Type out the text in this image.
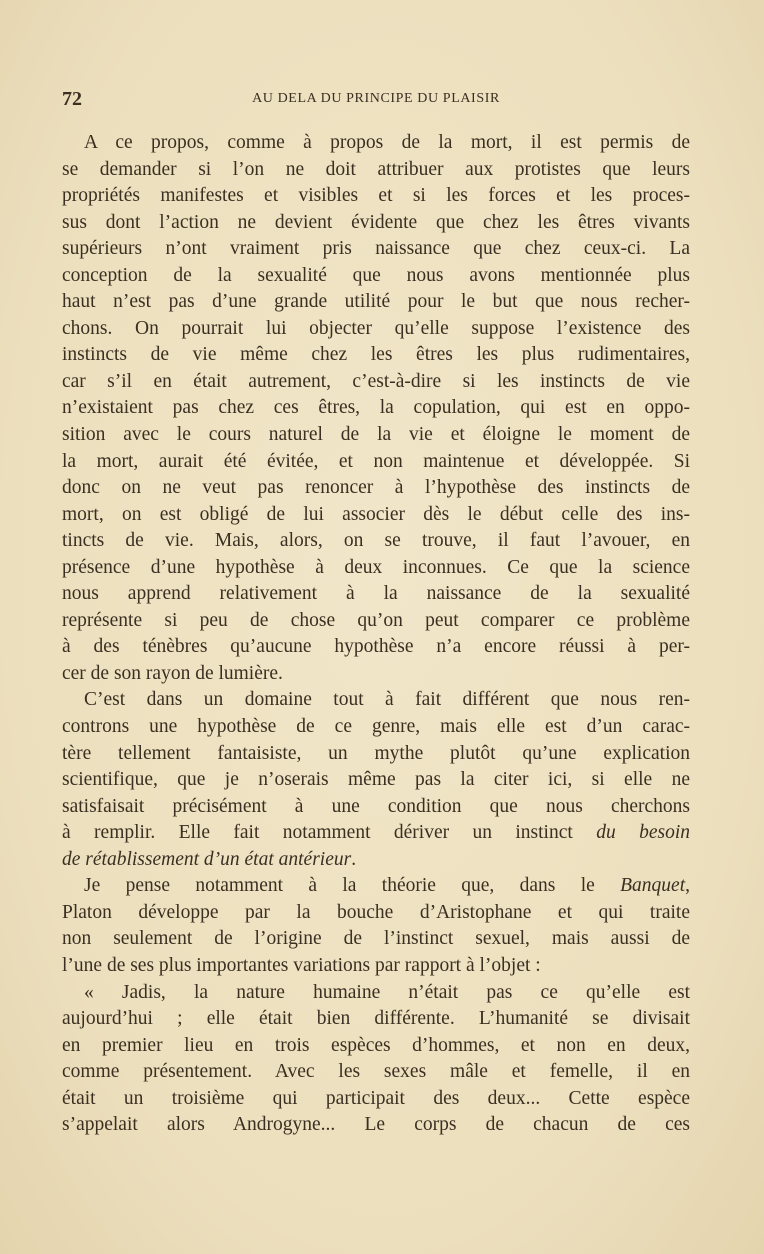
72	AU DELA DU PRINCIPE DU PLAISIR
A ce propos, comme à propos de la mort, il est permis de
se demander si l’on ne doit attribuer aux protistes que leurs
propriétés manifestes et visibles et si les forces et les proces-
sus dont l’action ne devient évidente que chez les êtres vivants
supérieurs n’ont vraiment pris naissance que chez ceux-ci. La
conception de la sexualité que nous avons mentionnée plus
haut n’est pas d’une grande utilité pour le but que nous recher-
chons. On pourrait lui objecter qu’elle suppose l’existence des
instincts de vie même chez les êtres les plus rudimentaires,
car s’il en était autrement, c’est-à-dire si les instincts de vie
n’existaient pas chez ces êtres, la copulation, qui est en oppo-
sition avec le cours naturel de la vie et éloigne le moment de
la mort, aurait été évitée, et non maintenue et développée. Si
donc on ne veut pas renoncer à l’hypothèse des instincts de
mort, on est obligé de lui associer dès le début celle des ins-
tincts de vie. Mais, alors, on se trouve, il faut l’avouer, en
présence d’une hypothèse à deux inconnues. Ce que la science
nous apprend relativement à la naissance de la sexualité
représente si peu de chose qu’on peut comparer ce problème
à des ténèbres qu’aucune hypothèse n’a encore réussi à per-
cer de son rayon de lumière.
C’est dans un domaine tout à fait différent que nous ren-
controns une hypothèse de ce genre, mais elle est d’un carac-
tère tellement fantaisiste, un mythe plutôt qu’une explication
scientifique, que je n’oserais même pas la citer ici, si elle ne
satisfaisait précisément à une condition que nous cherchons
à remplir. Elle fait notamment dériver un instinct du besoin
de rétablissement d’un état antérieur.
Je pense notamment à la théorie que, dans le Banquet,
Platon développe par la bouche d’Aristophane et qui traite
non seulement de l’origine de l’instinct sexuel, mais aussi de
l’une de ses plus importantes variations par rapport à l’objet :
« Jadis, la nature humaine n’était pas ce qu’elle est
aujourd’hui ; elle était bien différente. L’humanité se divisait
en premier lieu en trois espèces d’hommes, et non en deux,
comme présentement. Avec les sexes mâle et femelle, il en
était un troisième qui participait des deux... Cette espèce
s’appelait alors Androgyne... Le corps de chacun de ces
